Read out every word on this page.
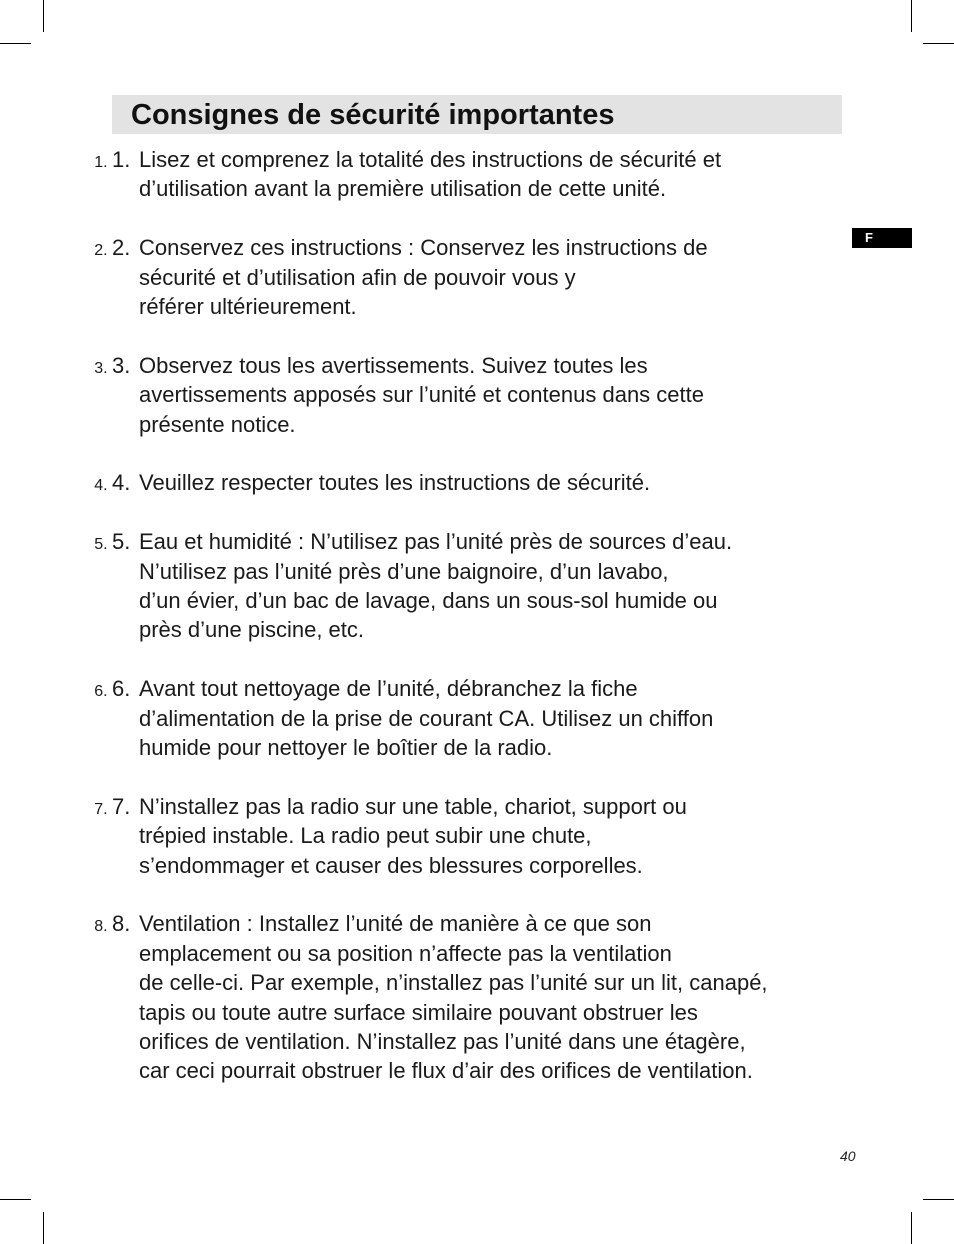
Consignes de sécurité importantes
F
1. 1. Lisez et comprenez la totalité des instructions de sécurité et
d’utilisation avant la première utilisation de cette unité.
2. 2. Conservez ces instructions : Conservez les instructions de
sécurité et d’utilisation afin de pouvoir vous y
référer ultérieurement.
3. 3. Observez tous les avertissements. Suivez toutes les
avertissements apposés sur l’unité et contenus dans cette
présente notice.
4. 4. Veuillez respecter toutes les instructions de sécurité.
5. 5. Eau et humidité : N’utilisez pas l’unité près de sources d’eau.
N’utilisez pas l’unité près d’une baignoire, d’un lavabo,
d’un évier, d’un bac de lavage, dans un sous-sol humide ou
près d’une piscine, etc.
6. 6. Avant tout nettoyage de l’unité, débranchez la fiche
d’alimentation de la prise de courant CA. Utilisez un chiffon
humide pour nettoyer le boîtier de la radio.
7. 7. N’installez pas la radio sur une table, chariot, support ou
trépied instable. La radio peut subir une chute,
s’endommager et causer des blessures corporelles.
8. 8. Ventilation : Installez l’unité de manière à ce que son
emplacement ou sa position n’affecte pas la ventilation
de celle-ci. Par exemple, n’installez pas l’unité sur un lit, canapé,
tapis ou toute autre surface similaire pouvant obstruer les
orifices de ventilation. N’installez pas l’unité dans une étagère,
car ceci pourrait obstruer le flux d’air des orifices de ventilation.
40
